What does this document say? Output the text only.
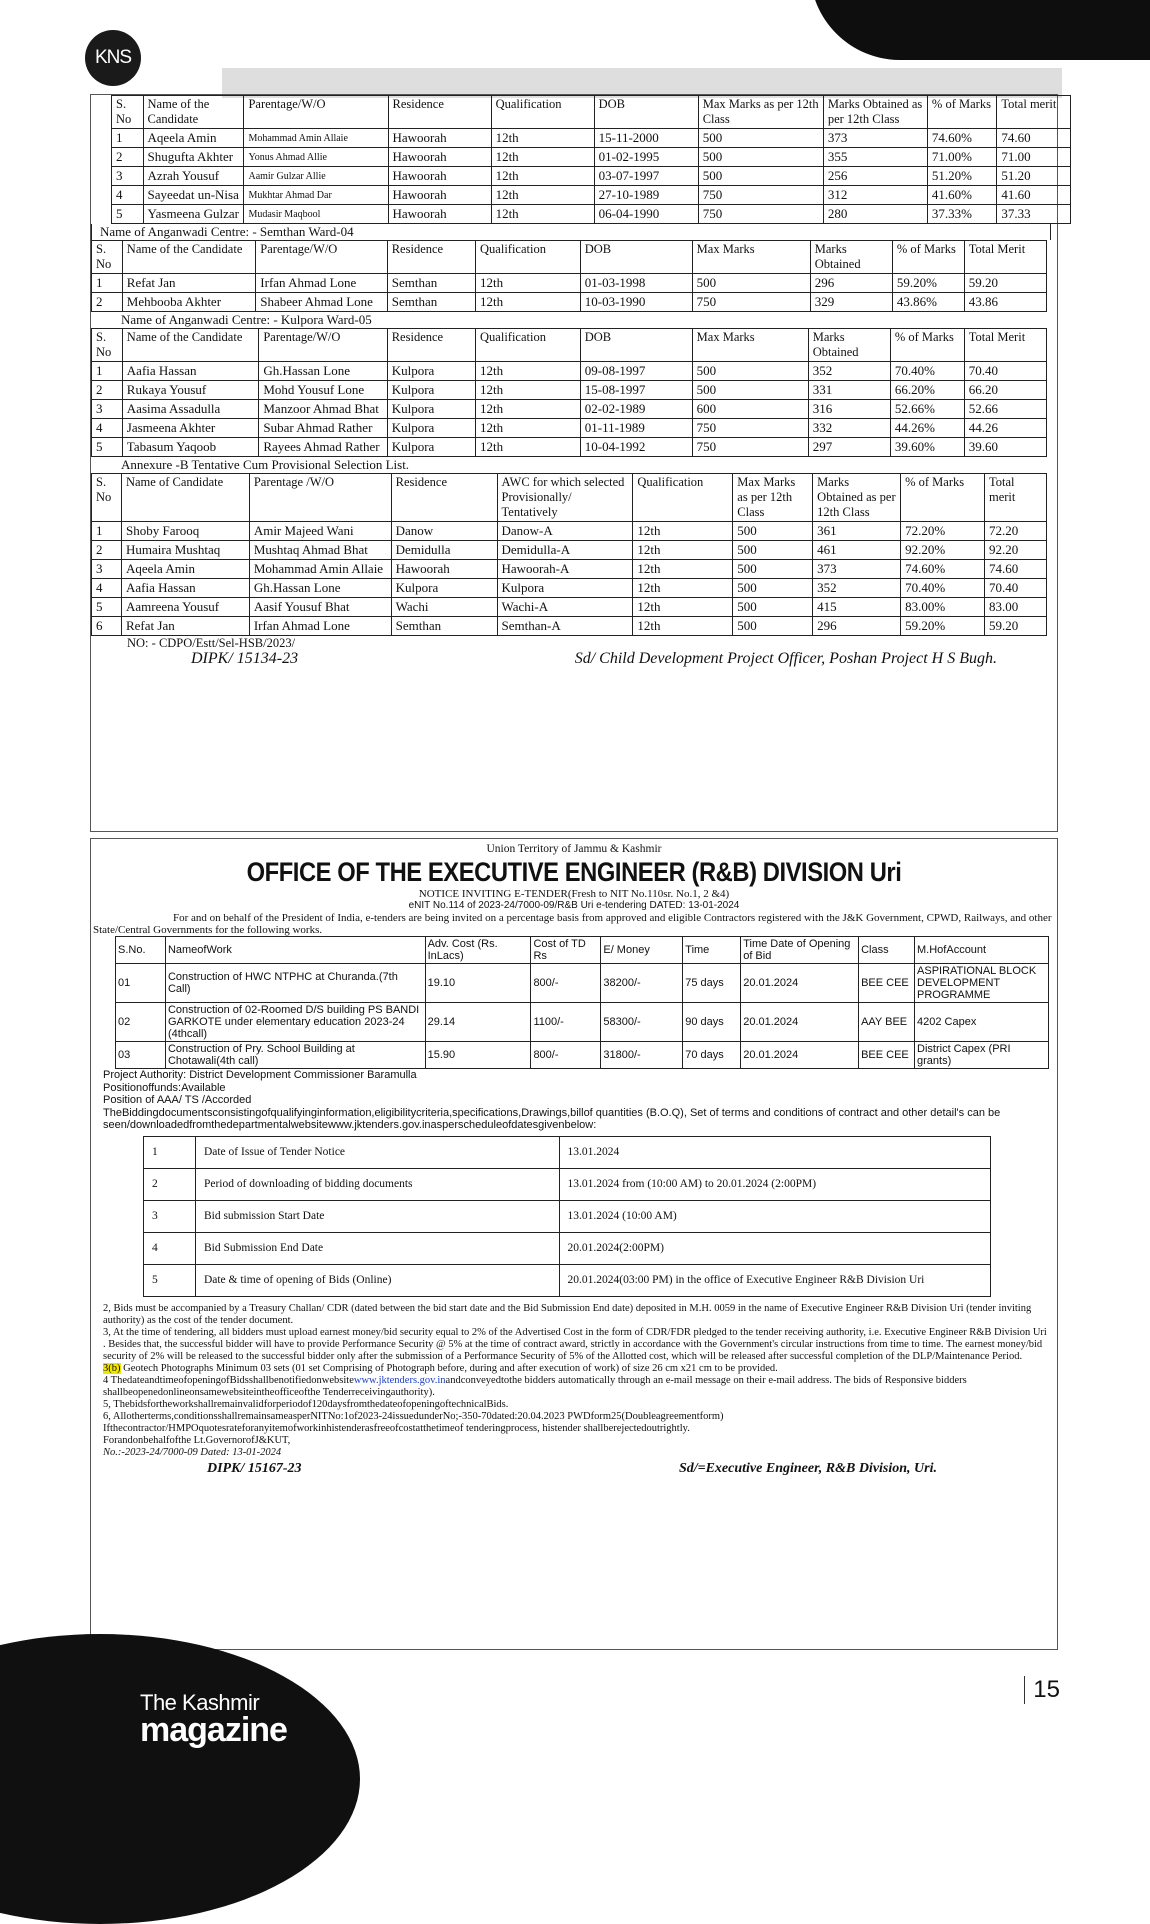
KNS
S. No	Name of the Candidate	Parentage/W/O	Residence	Qualification	DOB	Max Marks as per 12th Class	Marks Obtained as per 12th Class	% of Marks	Total merit
1	Aqeela Amin	Mohammad Amin Allaie	Hawoorah	12th	15-11-2000	500	373	74.60%	74.60
2	Shugufta Akhter	Yonus Ahmad Allie	Hawoorah	12th	01-02-1995	500	355	71.00%	71.00
3	Azrah Yousuf	Aamir Gulzar Allie	Hawoorah	12th	03-07-1997	500	256	51.20%	51.20
4	Sayeedat un-Nisa	Mukhtar Ahmad Dar	Hawoorah	12th	27-10-1989	750	312	41.60%	41.60
5	Yasmeena Gulzar	Mudasir Maqbool	Hawoorah	12th	06-04-1990	750	280	37.33%	37.33
Name of Anganwadi Centre: - Semthan Ward-04
S. No	Name of the Candidate	Parentage/W/O	Residence	Qualification	DOB	Max Marks	Marks Obtained	% of Marks	Total Merit
1	Refat Jan	Irfan Ahmad Lone	Semthan	12th	01-03-1998	500	296	59.20%	59.20
2	Mehbooba Akhter	Shabeer Ahmad Lone	Semthan	12th	10-03-1990	750	329	43.86%	43.86
Name of Anganwadi Centre: - Kulpora Ward-05
S. No	Name of the Candidate	Parentage/W/O	Residence	Qualification	DOB	Max Marks	Marks Obtained	% of Marks	Total Merit
1	Aafia Hassan	Gh.Hassan Lone	Kulpora	12th	09-08-1997	500	352	70.40%	70.40
2	Rukaya Yousuf	Mohd Yousuf Lone	Kulpora	12th	15-08-1997	500	331	66.20%	66.20
3	Aasima Assadulla	Manzoor Ahmad Bhat	Kulpora	12th	02-02-1989	600	316	52.66%	52.66
4	Jasmeena Akhter	Subar Ahmad Rather	Kulpora	12th	01-11-1989	750	332	44.26%	44.26
5	Tabasum Yaqoob	Rayees Ahmad Rather	Kulpora	12th	10-04-1992	750	297	39.60%	39.60
Annexure -B Tentative Cum Provisional Selection List.
S. No	Name of Candidate	Parentage /W/O	Residence	AWC for which selected Provisionally/ Tentatively	Qualification	Max Marks as per 12th Class	Marks Obtained as per 12th Class	% of Marks	Total merit
1	Shoby Farooq	Amir Majeed Wani	Danow	Danow-A	12th	500	361	72.20%	72.20
2	Humaira Mushtaq	Mushtaq Ahmad Bhat	Demidulla	Demidulla-A	12th	500	461	92.20%	92.20
3	Aqeela Amin	Mohammad Amin Allaie	Hawoorah	Hawoorah-A	12th	500	373	74.60%	74.60
4	Aafia Hassan	Gh.Hassan Lone	Kulpora	Kulpora	12th	500	352	70.40%	70.40
5	Aamreena Yousuf	Aasif Yousuf Bhat	Wachi	Wachi-A	12th	500	415	83.00%	83.00
6	Refat Jan	Irfan Ahmad Lone	Semthan	Semthan-A	12th	500	296	59.20%	59.20
NO: - CDPO/Estt/Sel-HSB/2023/
DIPK/ 15134-23	Sd/ Child Development Project Officer, Poshan Project H S Bugh.
Union Territory of Jammu & Kashmir
OFFICE OF THE EXECUTIVE ENGINEER (R&B) DIVISION Uri
NOTICE INVITING E-TENDER(Fresh to NIT No.110sr. No.1, 2 &4)
eNIT No.114 of 2023-24/7000-09/R&B Uri e-tendering DATED: 13-01-2024
For and on behalf of the President of India, e-tenders are being invited on a percentage basis from approved and eligible Contractors registered with the J&K Government, CPWD, Railways, and other State/Central Governments for the following works.
S.No.	NameofWork	Adv. Cost (Rs. InLacs)	Cost of TD Rs	E/ Money	Time	Time Date of Opening of Bid	Class	M.HofAccount
01	Construction of HWC NTPHC at Churanda.(7th Call)	19.10	800/-	38200/-	75 days	20.01.2024	BEE CEE	ASPIRATIONAL BLOCK DEVELOPMENT PROGRAMME
02	Construction of 02-Roomed D/S building PS BANDI GARKOTE under elementary education 2023-24 (4thcall)	29.14	1100/-	58300/-	90 days	20.01.2024	AAY BEE	4202 Capex
03	Construction of Pry. School Building at Chotawali(4th call)	15.90	800/-	31800/-	70 days	20.01.2024	BEE CEE	District Capex (PRI grants)
Project Authority: District Development Commissioner Baramulla
Positionoffunds:Available
Position of AAA/ TS /Accorded
TheBiddingdocumentsconsistingofqualifyinginformation,eligibilitycriteria,specifications,Drawings,billof quantities (B.O.Q), Set of terms and conditions of contract and other detail's can be seen/downloadedfromthedepartmentalwebsitewww.jktenders.gov.inasperscheduleofdatesgivenbelow:
1	Date of Issue of Tender Notice	13.01.2024
2	Period of downloading of bidding documents	13.01.2024 from (10:00 AM) to 20.01.2024 (2:00PM)
3	Bid submission Start Date	13.01.2024 (10:00 AM)
4	Bid Submission End Date	20.01.2024(2:00PM)
5	Date & time of opening of Bids (Online)	20.01.2024(03:00 PM) in the office of Executive Engineer R&B Division Uri
2, Bids must be accompanied by a Treasury Challan/ CDR (dated between the bid start date and the Bid Submission End date) deposited in M.H. 0059 in the name of Executive Engineer R&B Division Uri (tender inviting authority) as the cost of the tender document.
3, At the time of tendering, all bidders must upload earnest money/bid security equal to 2% of the Advertised Cost in the form of CDR/FDR pledged to the tender receiving authority, i.e. Executive Engineer R&B Division Uri . Besides that, the successful bidder will have to provide Performance Security @ 5% at the time of contract award, strictly in accordance with the Government's circular instructions from time to time. The earnest money/bid security of 2% will be released to the successful bidder only after the submission of a Performance Security of 5% of the Allotted cost, which will be released after successful completion of the DLP/Maintenance Period.
3(b) Geotech Photographs Minimum 03 sets (01 set Comprising of Photograph before, during and after execution of work) of size 26 cm x21 cm to be provided.
4 ThedateandtimeofopeningofBidsshallbenotifiedonwebsitewww.jktenders.gov.inandconveyedtothe bidders automatically through an e-mail message on their e-mail address. The bids of Responsive bidders shallbeopenedonlineonsamewebsiteintheofficeofthe Tenderreceivingauthority).
5, Thebidsfortheworkshallremainvalidforperiodof120daysfromthedateofopeningoftechnicalBids.
6, Allotherterms,conditionsshallremainsameasperNITNo:1of2023-24issuedunderNo;-350-70dated:20.04.2023 PWDform25(Doubleagreementform)
Ifthecontractor/HMPOquotesrateforanyitemofworkinhistenderasfreeofcostatthetimeof tenderingprocess, histender shallberejectedoutrightly.
Forandonbehalfofthe Lt.GovernorofJ&KUT,
No.:-2023-24/7000-09 Dated: 13-01-2024
DIPK/ 15167-23	Sd/=Executive Engineer, R&B Division, Uri.
The Kashmir
magazine
15
